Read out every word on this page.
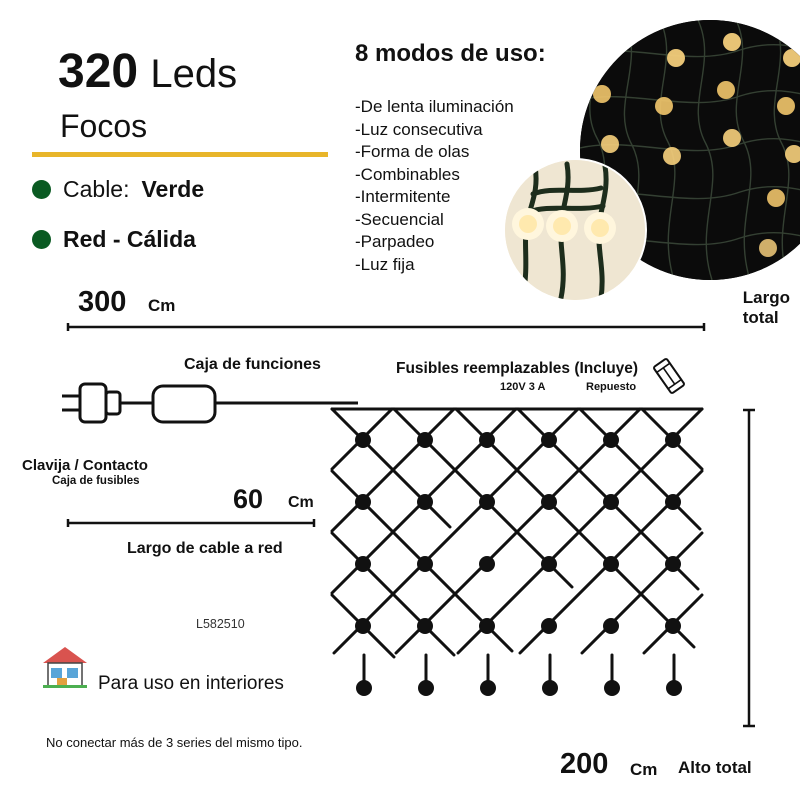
320 Leds
Focos
Cable: Verde
Red - Cálida
8 modos de uso:
-De lenta iluminación
-Luz consecutiva
-Forma de olas
-Combinables
-Intermitente
-Secuencial
-Parpadeo
-Luz fija
Largo total
300 Cm
Caja de funciones	Fusibles reemplazables (Incluye)
120V 3 A	Repuesto
Clavija / Contacto
Caja de fusibles
60 Cm
Largo de cable a red
L582510
Para uso en interiores
No conectar más de 3 series del mismo tipo.
200 Cm Alto total
